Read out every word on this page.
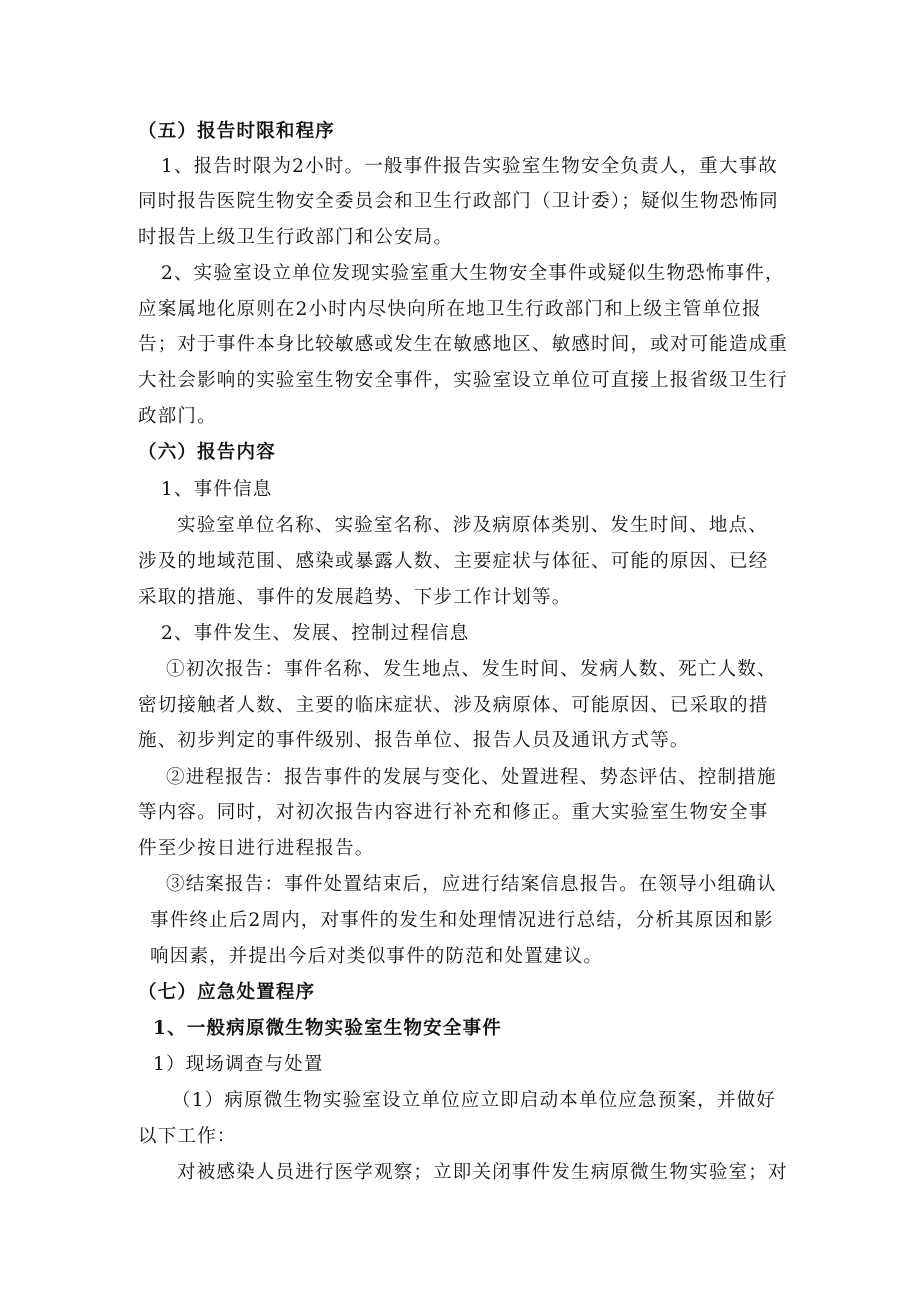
（五）报告时限和程序
1、报告时限为2小时。一般事件报告实验室生物安全负责人，重大事故
同时报告医院生物安全委员会和卫生行政部门（卫计委）；疑似生物恐怖同
时报告上级卫生行政部门和公安局。
2、实验室设立单位发现实验室重大生物安全事件或疑似生物恐怖事件，
应案属地化原则在2小时内尽快向所在地卫生行政部门和上级主管单位报
告；对于事件本身比较敏感或发生在敏感地区、敏感时间，或对可能造成重
大社会影响的实验室生物安全事件，实验室设立单位可直接上报省级卫生行
政部门。
（六）报告内容
1、事件信息
实验室单位名称、实验室名称、涉及病原体类别、发生时间、地点、
涉及的地域范围、感染或暴露人数、主要症状与体征、可能的原因、已经
采取的措施、事件的发展趋势、下步工作计划等。
2、事件发生、发展、控制过程信息
①初次报告：事件名称、发生地点、发生时间、发病人数、死亡人数、
密切接触者人数、主要的临床症状、涉及病原体、可能原因、已采取的措
施、初步判定的事件级别、报告单位、报告人员及通讯方式等。
②进程报告：报告事件的发展与变化、处置进程、势态评估、控制措施
等内容。同时，对初次报告内容进行补充和修正。重大实验室生物安全事
件至少按日进行进程报告。
③结案报告：事件处置结束后，应进行结案信息报告。在领导小组确认
事件终止后2周内，对事件的发生和处理情况进行总结，分析其原因和影
响因素，并提出今后对类似事件的防范和处置建议。
（七）应急处置程序
1、一般病原微生物实验室生物安全事件
1）现场调查与处置
（1）病原微生物实验室设立单位应立即启动本单位应急预案，并做好
以下工作：
对被感染人员进行医学观察；立即关闭事件发生病原微生物实验室；对
